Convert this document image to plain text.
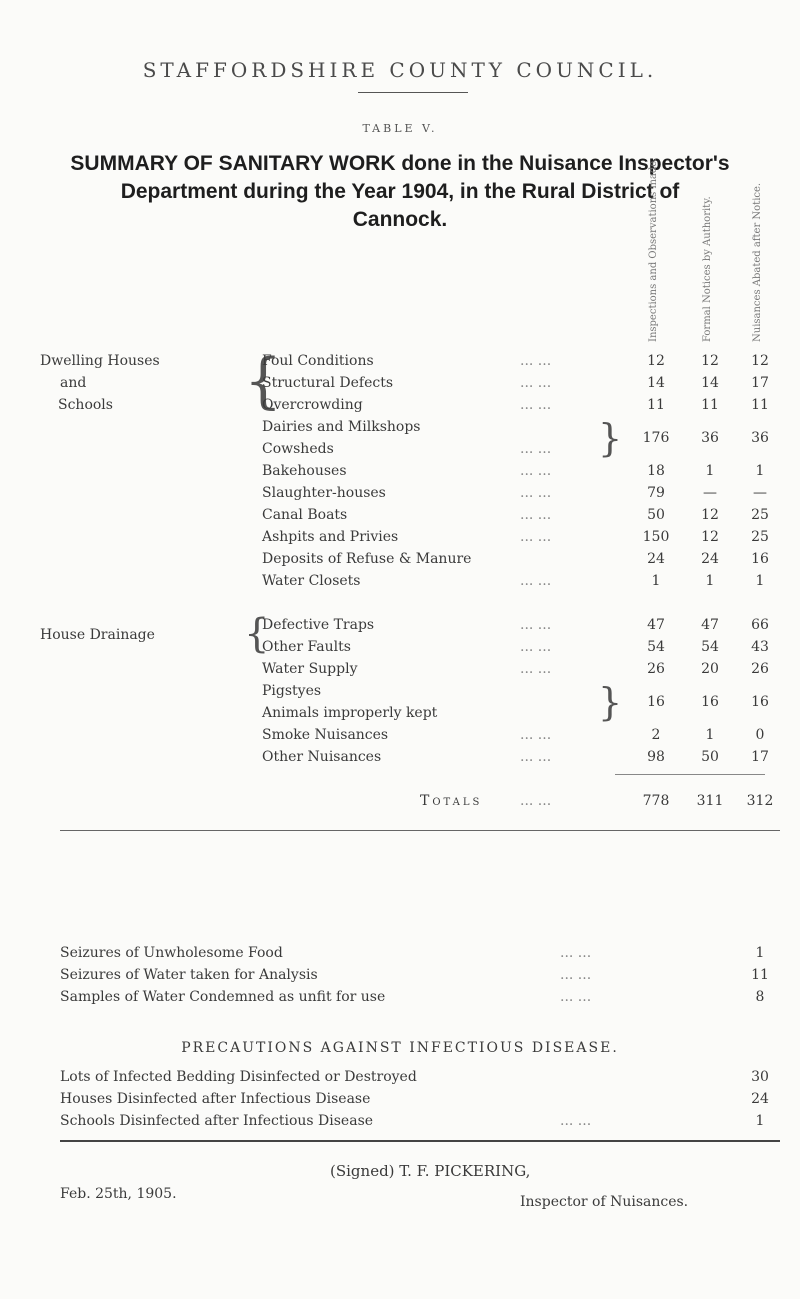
STAFFORDSHIRE COUNTY COUNCIL.
TABLE V.
SUMMARY OF SANITARY WORK done in the Nuisance Inspector's
Department during the Year 1904, in the Rural District of
Cannock.	Inspections and Observations made.	Formal Notices by Authority.	Nuisances Abated after Notice.
Dwelling Houses
and
Schools {
House Drainage {
Foul Conditions	... ...	12	12	12
Structural Defects	... ...	14	14	17
Overcrowding	... ...	11	11	11
Dairies and Milkshops
Cowsheds	... ... }	176	36	36
Bakehouses	... ...	18	1	1
Slaughter-houses	... ...	79	—	—
Canal Boats	... ...	50	12	25
Ashpits and Privies	... ...	150	12	25
Deposits of Refuse & Manure	24	24	16
Water Closets	... ...	1	1	1
Defective Traps	... ...	47	47	66
Other Faults	... ...	54	54	43
Water Supply	... ...	26	20	26
Pigstyes
Animals improperly kept	}	16	16	16
Smoke Nuisances	... ...	2	1	0
Other Nuisances	... ...	98	50	17
Totals	... ...	778	311	312
Seizures of Unwholesome Food	... ...	1
Seizures of Water taken for Analysis	... ...	11
Samples of Water Condemned as unfit for use	... ...	8
PRECAUTIONS AGAINST INFECTIOUS DISEASE.
Lots of Infected Bedding Disinfected or Destroyed	30
Houses Disinfected after Infectious Disease	24
Schools Disinfected after Infectious Disease	... ...	1
(Signed) T. F. PICKERING,
Feb. 25th, 1905.	Inspector of Nuisances.
